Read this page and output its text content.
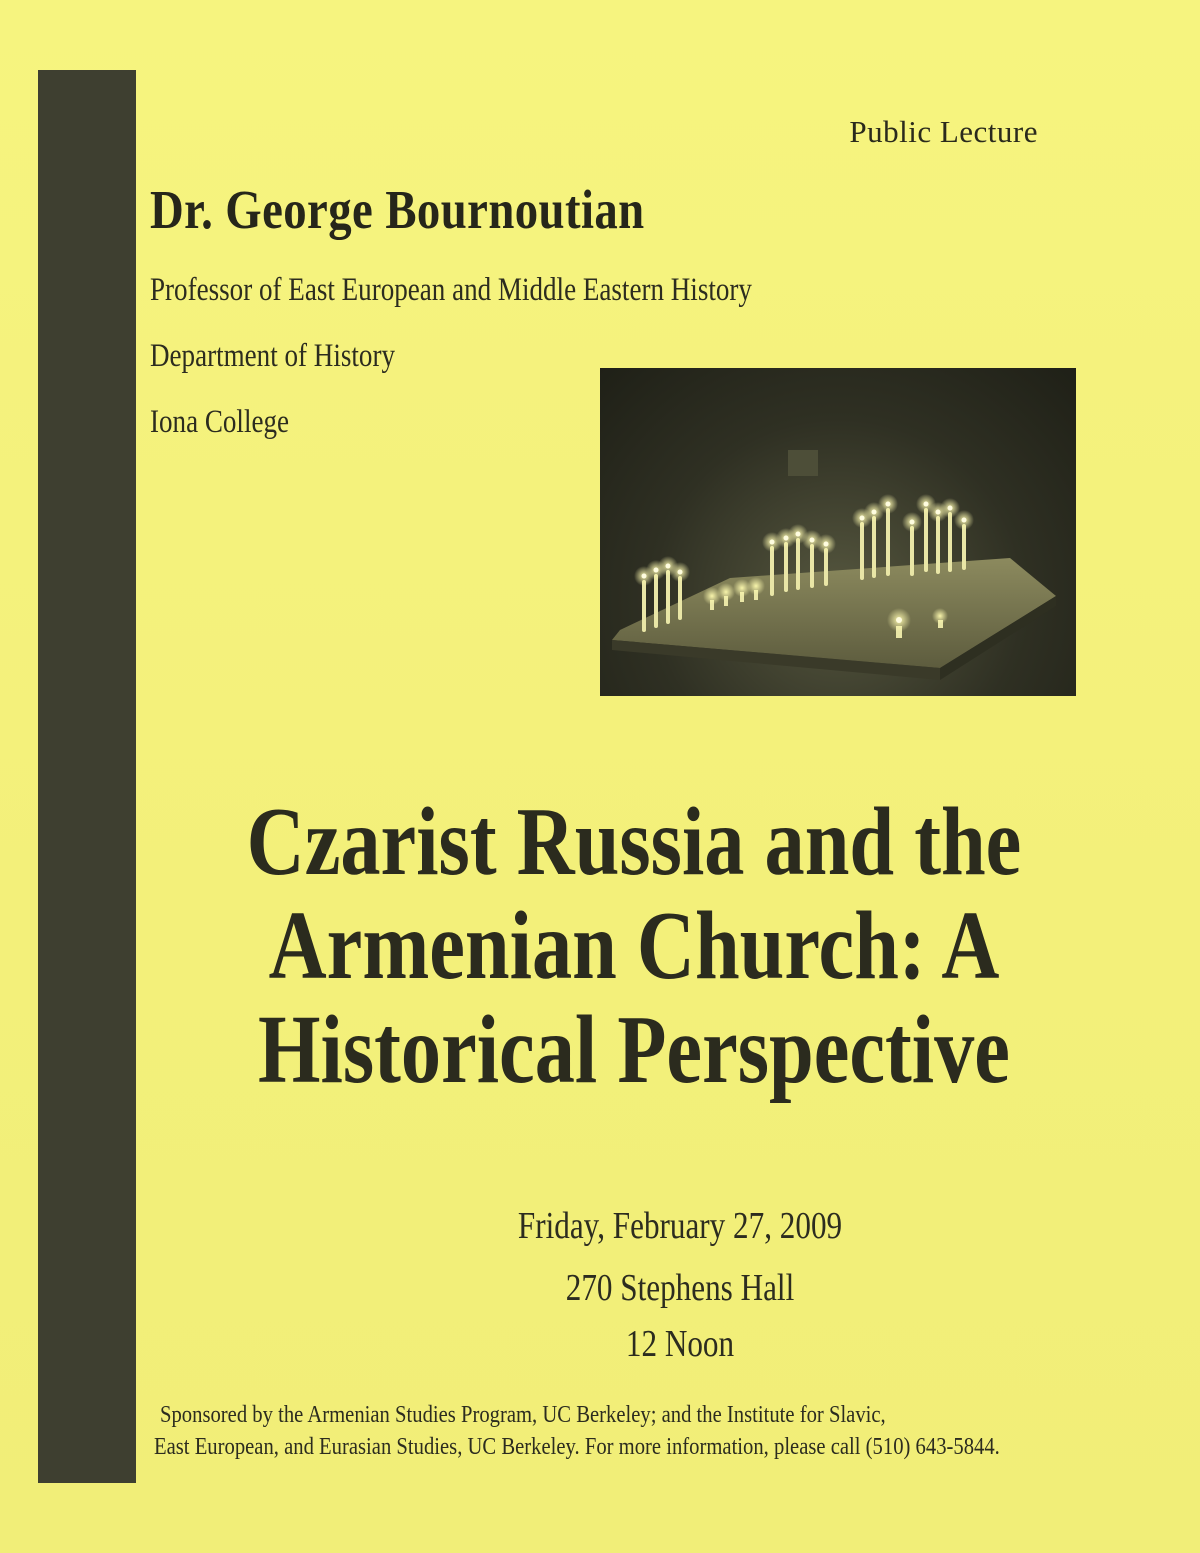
Public Lecture
Dr. George Bournoutian
Professor of East European and Middle Eastern History
Department of History
Iona College
Czarist Russia and the
Armenian Church: A
Historical Perspective
Friday, February 27, 2009
270 Stephens Hall
12 Noon
Sponsored by the Armenian Studies Program, UC Berkeley; and the Institute for Slavic,
East European, and Eurasian Studies, UC Berkeley. For more information, please call (510) 643-5844.
